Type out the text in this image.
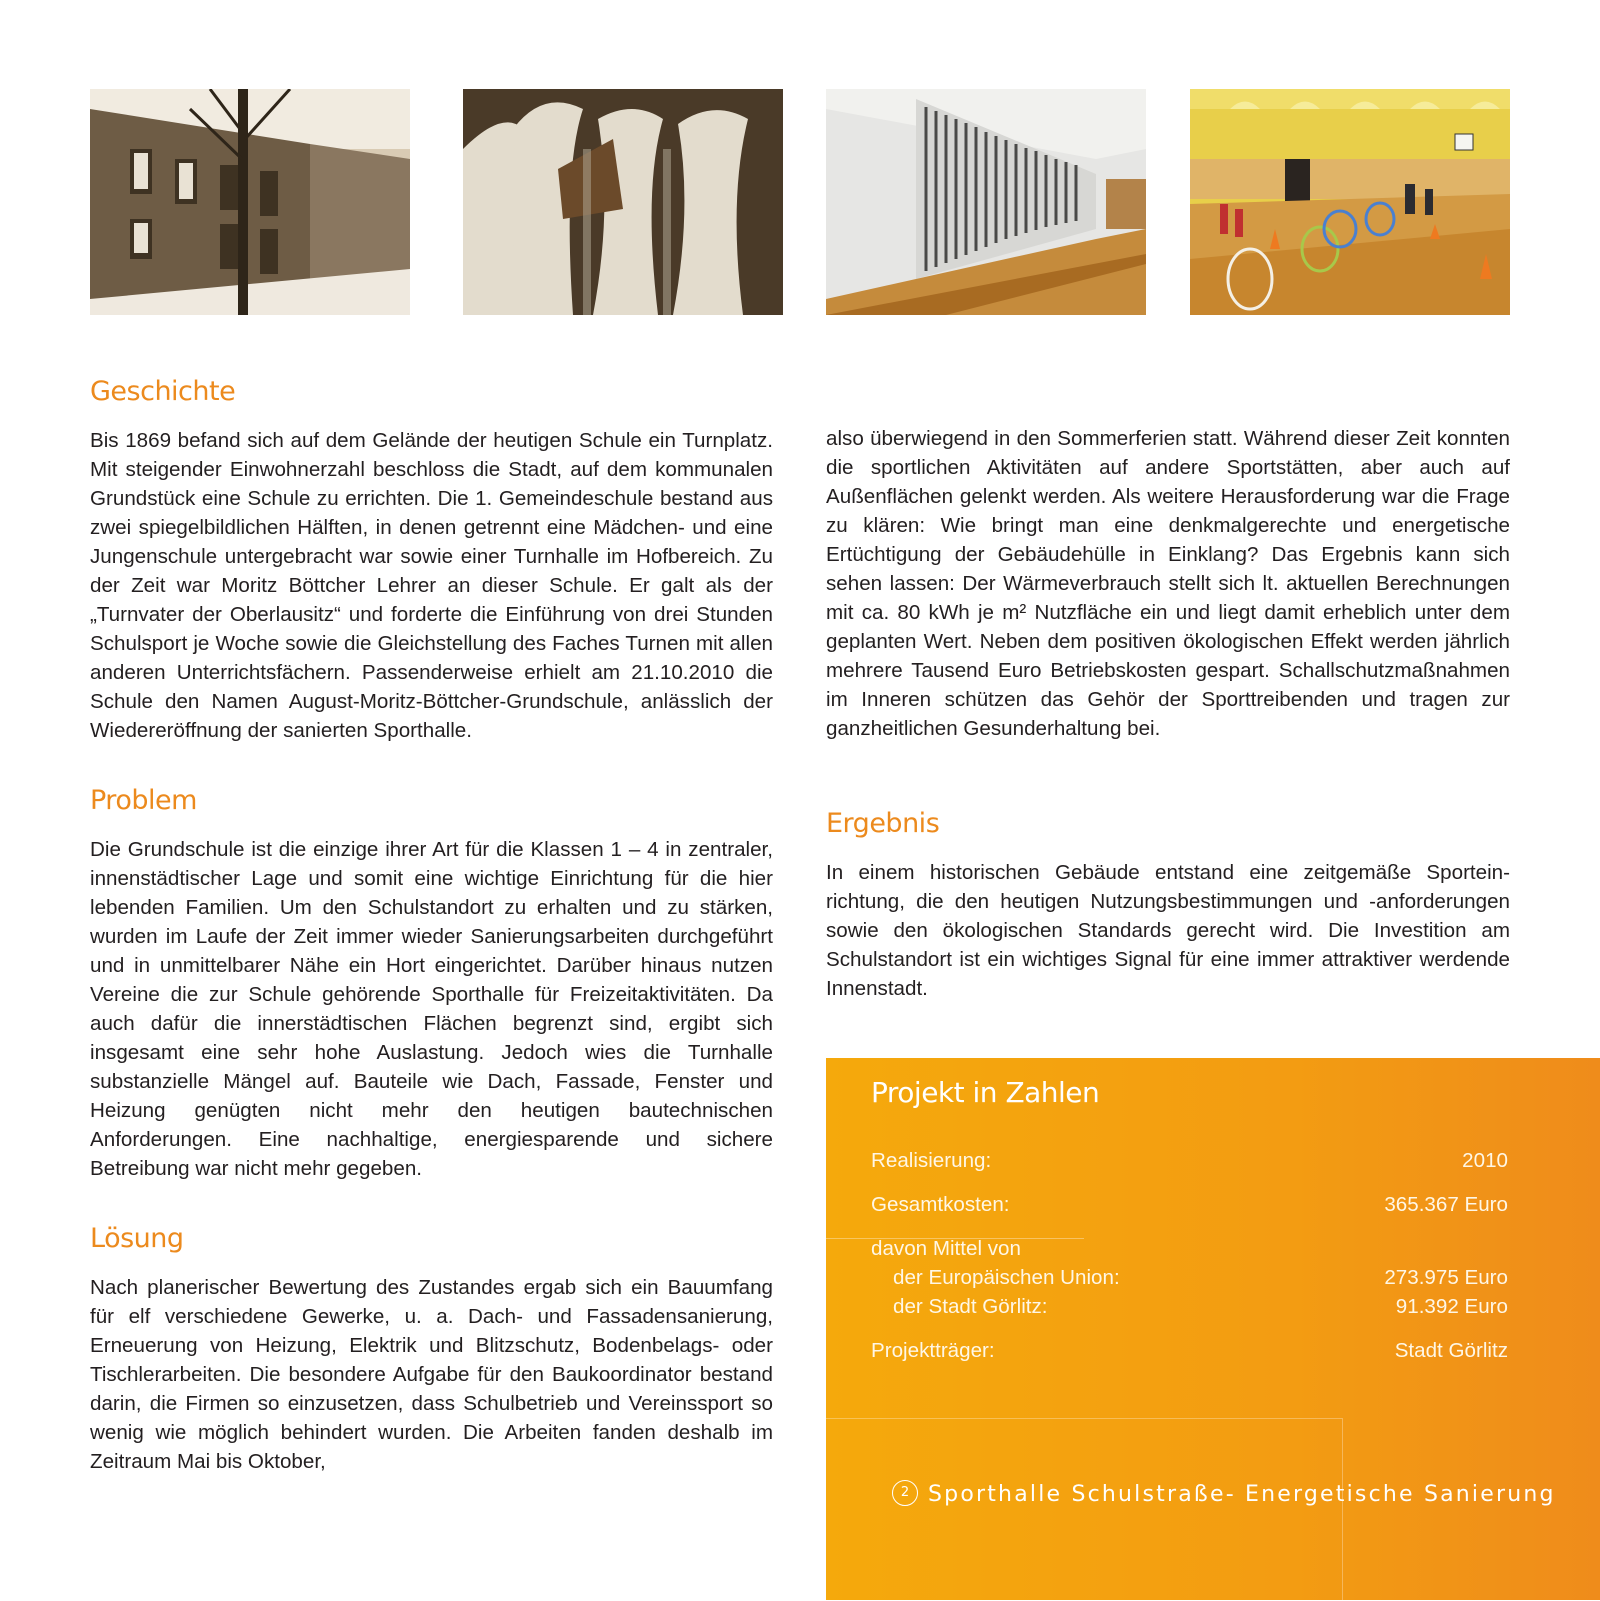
Geschichte

Bis 1869 befand sich auf dem Gelände der heutigen Schule ein Turnplatz. Mit steigender Einwohnerzahl beschloss die Stadt, auf dem kommunalen Grundstück eine Schule zu errichten. Die 1. Gemeindeschule bestand aus zwei spiegelbildlichen Hälften, in denen getrennt eine Mädchen- und eine Jungenschule untergebracht war sowie einer Turnhalle im Hofbereich. Zu der Zeit war Moritz Böttcher Lehrer an dieser Schule. Er galt als der „Turnvater der Oberlausitz“ und forderte die Einführung von drei Stunden Schulsport je Woche sowie die Gleichstellung des Faches Turnen mit allen anderen Unterrichtsfächern. Passenderweise erhielt am 21.10.2010 die Schule den Namen August-Moritz-Böttcher-Grundschule, anlässlich der Wiedereröffnung der sanierten Sporthalle.

Problem

Die Grundschule ist die einzige ihrer Art für die Klassen 1 – 4 in zentraler, innenstädtischer Lage und somit eine wichtige Einrichtung für die hier lebenden Familien. Um den Schulstandort zu erhalten und zu stärken, wurden im Laufe der Zeit immer wieder Sanierungsarbeiten durchgeführt und in unmittelbarer Nähe ein Hort eingerichtet. Darüber hinaus nutzen Vereine die zur Schule gehörende Sporthalle für Freizeitaktivitäten. Da auch dafür die innerstädtischen Flächen begrenzt sind, ergibt sich insgesamt eine sehr hohe Auslastung. Jedoch wies die Turnhalle substanzielle Mängel auf. Bauteile wie Dach, Fassade, Fenster und Heizung genügten nicht mehr den heutigen bautechnischen Anforderungen. Eine nachhaltige, energiesparende und sichere Betreibung war nicht mehr gegeben.

Lösung

Nach planerischer Bewertung des Zustandes ergab sich ein Bauumfang für elf verschiedene Gewerke, u. a. Dach- und Fassadensanierung, Erneuerung von Heizung, Elektrik und Blitzschutz, Bodenbelags- oder Tischlerarbeiten. Die besondere Aufgabe für den Baukoordinator bestand darin, die Firmen so einzusetzen, dass Schulbetrieb und Vereinssport so wenig wie möglich behindert wurden. Die Arbeiten fanden deshalb im Zeitraum Mai bis Oktober,

also überwiegend in den Sommerferien statt. Während dieser Zeit konnten die sportlichen Aktivitäten auf andere Sportstätten, aber auch auf Außenflächen gelenkt werden. Als weitere Herausforderung war die Frage zu klären: Wie bringt man eine denkmalgerechte und energetische Ertüchtigung der Gebäudehülle in Einklang? Das Ergebnis kann sich sehen lassen: Der Wärmeverbrauch stellt sich lt. aktuellen Berechnungen mit ca. 80 kWh je m² Nutzfläche ein und liegt damit erheblich unter dem geplanten Wert. Neben dem positiven ökologischen Effekt werden jährlich mehrere Tausend Euro Betriebskosten gespart. Schallschutzmaßnahmen im Inneren schützen das Gehör der Sporttreibenden und tragen zur ganzheitlichen Gesunderhaltung bei.

Ergebnis

In einem historischen Gebäude entstand eine zeitgemäße Sporteinrichtung, die den heutigen Nutzungsbestimmungen und -anforderungen sowie den ökologischen Standards gerecht wird. Die Investition am Schulstandort ist ein wichtiges Signal für eine immer attraktiver werdende Innenstadt.

Projekt in Zahlen
Realisierung:	2010
Gesamtkosten:	365.367 Euro
davon Mittel von
der Europäischen Union:	273.975 Euro
der Stadt Görlitz:	91.392 Euro
Projektträger:	Stadt Görlitz
2 Sporthalle Schulstraße- Energetische Sanierung
